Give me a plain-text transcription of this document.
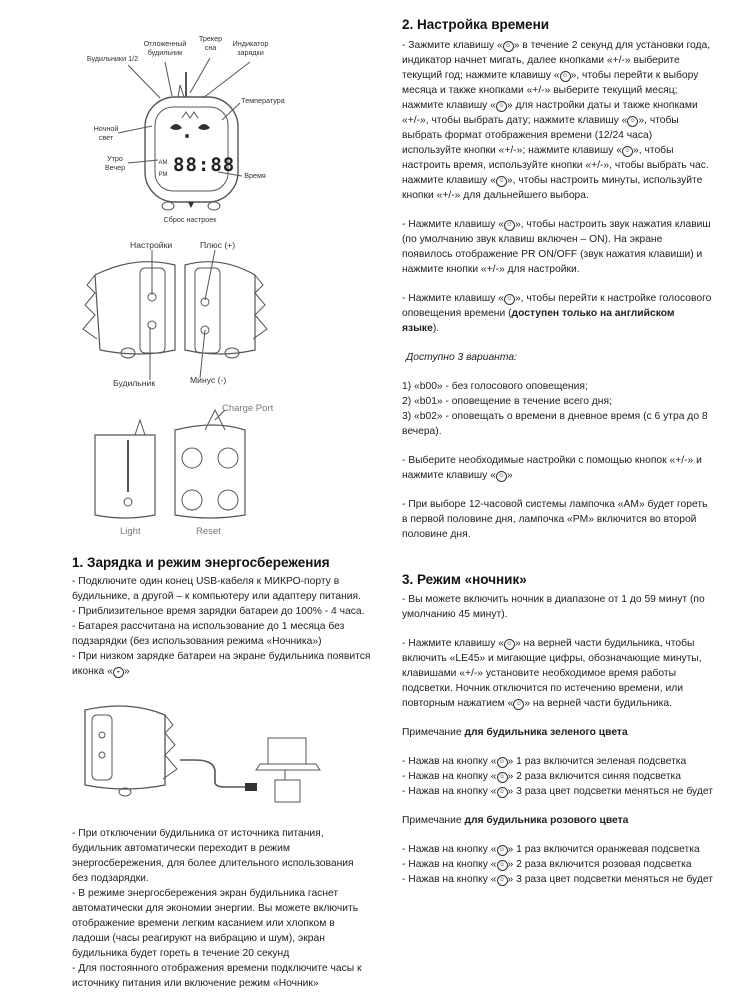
Будильники 1/2
Отложенный будильник
Трекер сна	Индикатор зарядки
Температура
Ночной свет
Утро Вечер
Время
Сброс настроек
88:88
AM
PM
Настройки	Плюс (+)
Будильник	Минус (-)
Charge Port
Light	Reset
1. Зарядка и режим энергосбережения

- Подключите один конец USB-кабеля к МИКРО-порту в будильнике, а другой – к компьютеру или адаптеру питания.

- Приблизительное время зарядки батареи до 100% - 4 часа.

- Батарея рассчитана на использование до 1 месяца без подзарядки (без использования режима «Ночника»)

- При низком зарядке батареи на экране будильника появится иконка « ◒ »

- При отключении будильника от источника питания, будильник автоматически переходит в режим энергосбережения, для более длительного использования без подзарядки.

- В режиме энергосбережения экран будильника гаснет автоматически для экономии энергии. Вы можете включить отображение времени легким касанием или хлопком в ладоши (часы реагируют на вибрацию и шум), экран будильника будет гореть в течение 20 секунд

- Для постоянного отображения времени подключите часы к источнику питания или включение режим «Ночник»

2. Настройка времени

- Зажмите клавишу « ☺ » в течение 2 секунд для установки года, индикатор начнет мигать, далее кнопками «+/-» выберите текущий год; нажмите клавишу « ☺ », чтобы перейти к выбору месяца и также кнопками «+/-» выберите текущий месяц; нажмите клавишу « ☺ » для настройки даты и также кнопками «+/-», чтобы выбрать дату; нажмите клавишу « ☺ », чтобы выбрать формат отображения времени (12/24 часа) используйте кнопки «+/-»; нажмите клавишу « ☺ », чтобы настроить время, используйте кнопки «+/-», чтобы выбрать час. нажмите клавишу « ☺ », чтобы настроить минуты, используйте кнопки «+/-» для дальнейшего выбора.

- Нажмите клавишу « ☺ », чтобы настроить звук нажатия клавиш (по умолчанию звук клавиш включен – ON). На экране появилось отображение PR ON/OFF (звук нажатия клавиши) и нажмите кнопки «+/-» для настройки.

- Нажмите клавишу « ☺ », чтобы перейти к настройке голосового оповещения времени (доступен только на английском языке).

Доступно 3 варианта:

1) «b00» - без голосового оповещения;

2) «b01» - оповещение в течение всего дня;

3) «b02» - оповещать о времени в дневное время (с 6 утра до 8 вечера).

- Выберите необходимые настройки с помощью кнопок «+/-» и нажмите клавишу « ☺ »

- При выборе 12-часовой системы лампочка «AM» будет гореть в первой половине дня, лампочка «PM» включится во второй половине дня.

3. Режим «ночник»

- Вы можете включить ночник в диапазоне от 1 до 59 минут (по умолчанию 45 минут).

- Нажмите клавишу « ☺ » на верней части будильника, чтобы включить «LE45» и мигающие цифры, обозначающие минуты, клавишами «+/-» установите необходимое время работы подсветки. Ночник отключится по истечению времени, или повторным нажатием « ☺ » на верней части будильника.

Примечание для будильника зеленого цвета

- Нажав на кнопку « ☺ » 1 раз включится зеленая подсветка

- Нажав на кнопку « ☺ » 2 раза включится синяя подсветка

- Нажав на кнопку « ☺ » 3 раза цвет подсветки меняться не будет

Примечание для будильника розового цвета

- Нажав на кнопку « ☺ » 1 раз включится оранжевая подсветка

- Нажав на кнопку « ☺ » 2 раза включится розовая подсветка

- Нажав на кнопку « ☺ » 3 раза цвет подсветки меняться не будет
